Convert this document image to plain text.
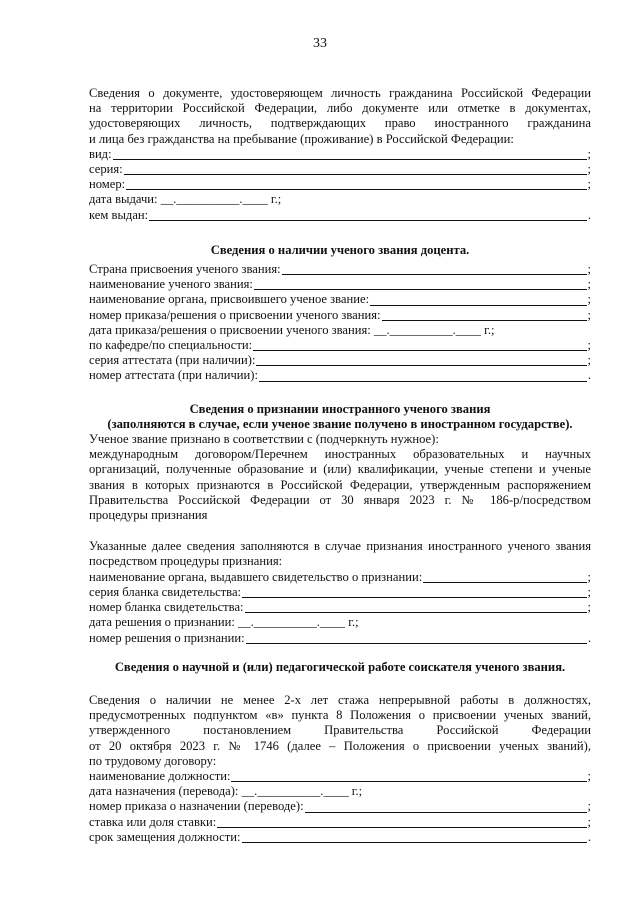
33
Сведения о документе, удостоверяющем личность гражданина Российской Федерации
на территории Российской Федерации, либо документе или отметке в документах,
удостоверяющих личность, подтверждающих право иностранного гражданина
и лица без гражданства на пребывание (проживание) в Российской Федерации:
вид:	;
серия:	;
номер:	;
дата выдачи: __.__________.____ г.;
кем выдан:	.
Сведения о наличии ученого звания доцента.
Страна присвоения ученого звания:	;
наименование ученого звания:	;
наименование органа, присвоившего ученое звание:	;
номер приказа/решения о присвоении ученого звания:	;
дата приказа/решения о присвоении ученого звания: __.__________.____ г.;
по кафедре/по специальности:	;
серия аттестата (при наличии):	;
номер аттестата (при наличии):	.
Сведения о признании иностранного ученого звания
(заполняются в случае, если ученое звание получено в иностранном государстве).
Ученое звание признано в соответствии с (подчеркнуть нужное):
международным договором/Перечнем иностранных образовательных и научных
организаций, полученные образование и (или) квалификации, ученые степени и ученые
звания в которых признаются в Российской Федерации, утвержденным распоряжением
Правительства Российской Федерации от 30 января 2023 г. № 186-р/посредством
процедуры признания
Указанные далее сведения заполняются в случае признания иностранного ученого звания
посредством процедуры признания:
наименование органа, выдавшего свидетельство о признании:	;
серия бланка свидетельства:	;
номер бланка свидетельства:	;
дата решения о признании: __.__________.____ г.;
номер решения о признании:	.
Сведения о научной и (или) педагогической работе соискателя ученого звания.
Сведения о наличии не менее 2-х лет стажа непрерывной работы в должностях,
предусмотренных подпунктом «в» пункта 8 Положения о присвоении ученых званий,
утвержденного постановлением Правительства Российской Федерации
от 20 октября 2023 г. № 1746 (далее – Положения о присвоении ученых званий),
по трудовому договору:
наименование должности:	;
дата назначения (перевода): __.__________.____ г.;
номер приказа о назначении (переводе):	;
ставка или доля ставки:	;
срок замещения должности:	.
